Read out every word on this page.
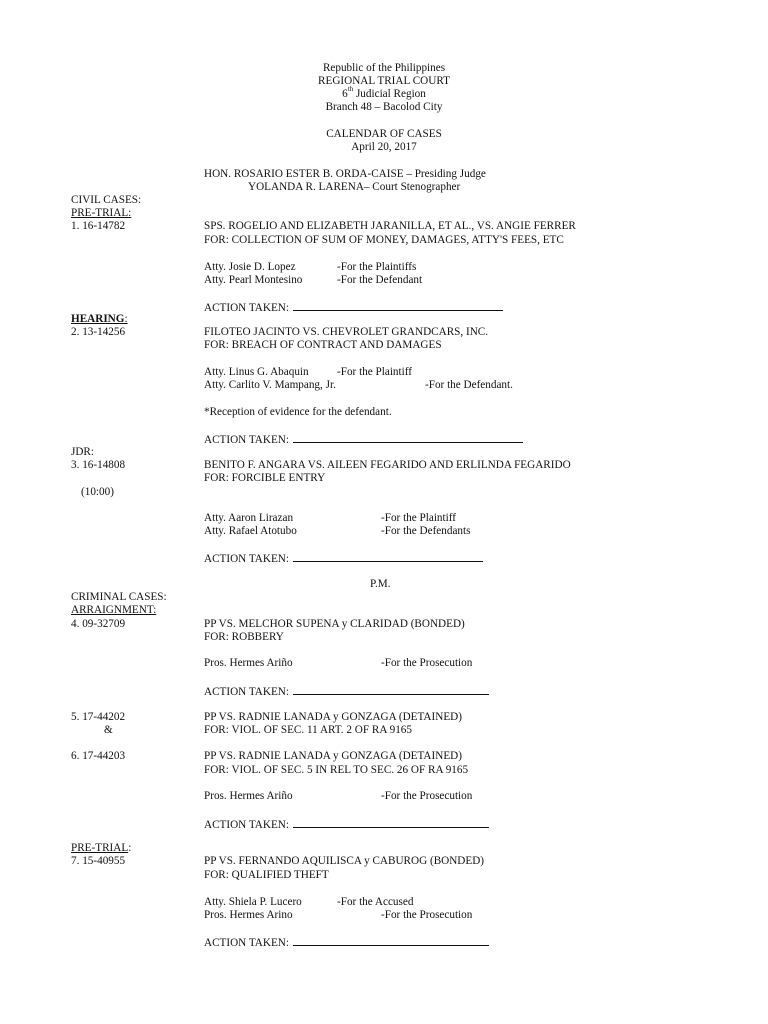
Republic of the Philippines
REGIONAL TRIAL COURT
6th Judicial Region
Branch 48 – Bacolod City
CALENDAR OF CASES
April 20, 2017
HON. ROSARIO ESTER B. ORDA-CAISE – Presiding Judge
YOLANDA R. LARENA– Court Stenographer
CIVIL CASES:
PRE-TRIAL:
1. 16-14782	SPS. ROGELIO AND ELIZABETH JARANILLA, ET AL., VS. ANGIE FERRER
FOR: COLLECTION OF SUM OF MONEY, DAMAGES, ATTY'S FEES, ETC
Atty. Josie D. Lopez	-For the Plaintiffs
Atty. Pearl Montesino	-For the Defendant
ACTION TAKEN:
HEARING:
2. 13-14256	FILOTEO JACINTO VS. CHEVROLET GRANDCARS, INC.
FOR: BREACH OF CONTRACT AND DAMAGES
Atty. Linus G. Abaquin	-For the Plaintiff
Atty. Carlito V. Mampang, Jr.	-For the Defendant.
*Reception of evidence for the defendant.
ACTION TAKEN:
JDR:
3. 16-14808	BENITO F. ANGARA VS. AILEEN FEGARIDO AND ERLILNDA FEGARIDO
FOR: FORCIBLE ENTRY
(10:00)
Atty. Aaron Lirazan	-For the Plaintiff
Atty. Rafael Atotubo	-For the Defendants
ACTION TAKEN:
P.M.
CRIMINAL CASES:
ARRAIGNMENT:
4. 09-32709	PP VS. MELCHOR SUPENA y CLARIDAD (BONDED)
FOR: ROBBERY
Pros. Hermes Ariño	-For the Prosecution
ACTION TAKEN:
5. 17-44202	PP VS. RADNIE LANADA y GONZAGA (DETAINED)
&	FOR: VIOL. OF SEC. 11 ART. 2 OF RA 9165
6. 17-44203	PP VS. RADNIE LANADA y GONZAGA (DETAINED)
FOR: VIOL. OF SEC. 5 IN REL TO SEC. 26 OF RA 9165
Pros. Hermes Ariño	-For the Prosecution
ACTION TAKEN:
PRE-TRIAL:
7. 15-40955	PP VS. FERNANDO AQUILISCA y CABUROG (BONDED)
FOR: QUALIFIED THEFT
Atty. Shiela P. Lucero	-For the Accused
Pros. Hermes Arino	-For the Prosecution
ACTION TAKEN:
